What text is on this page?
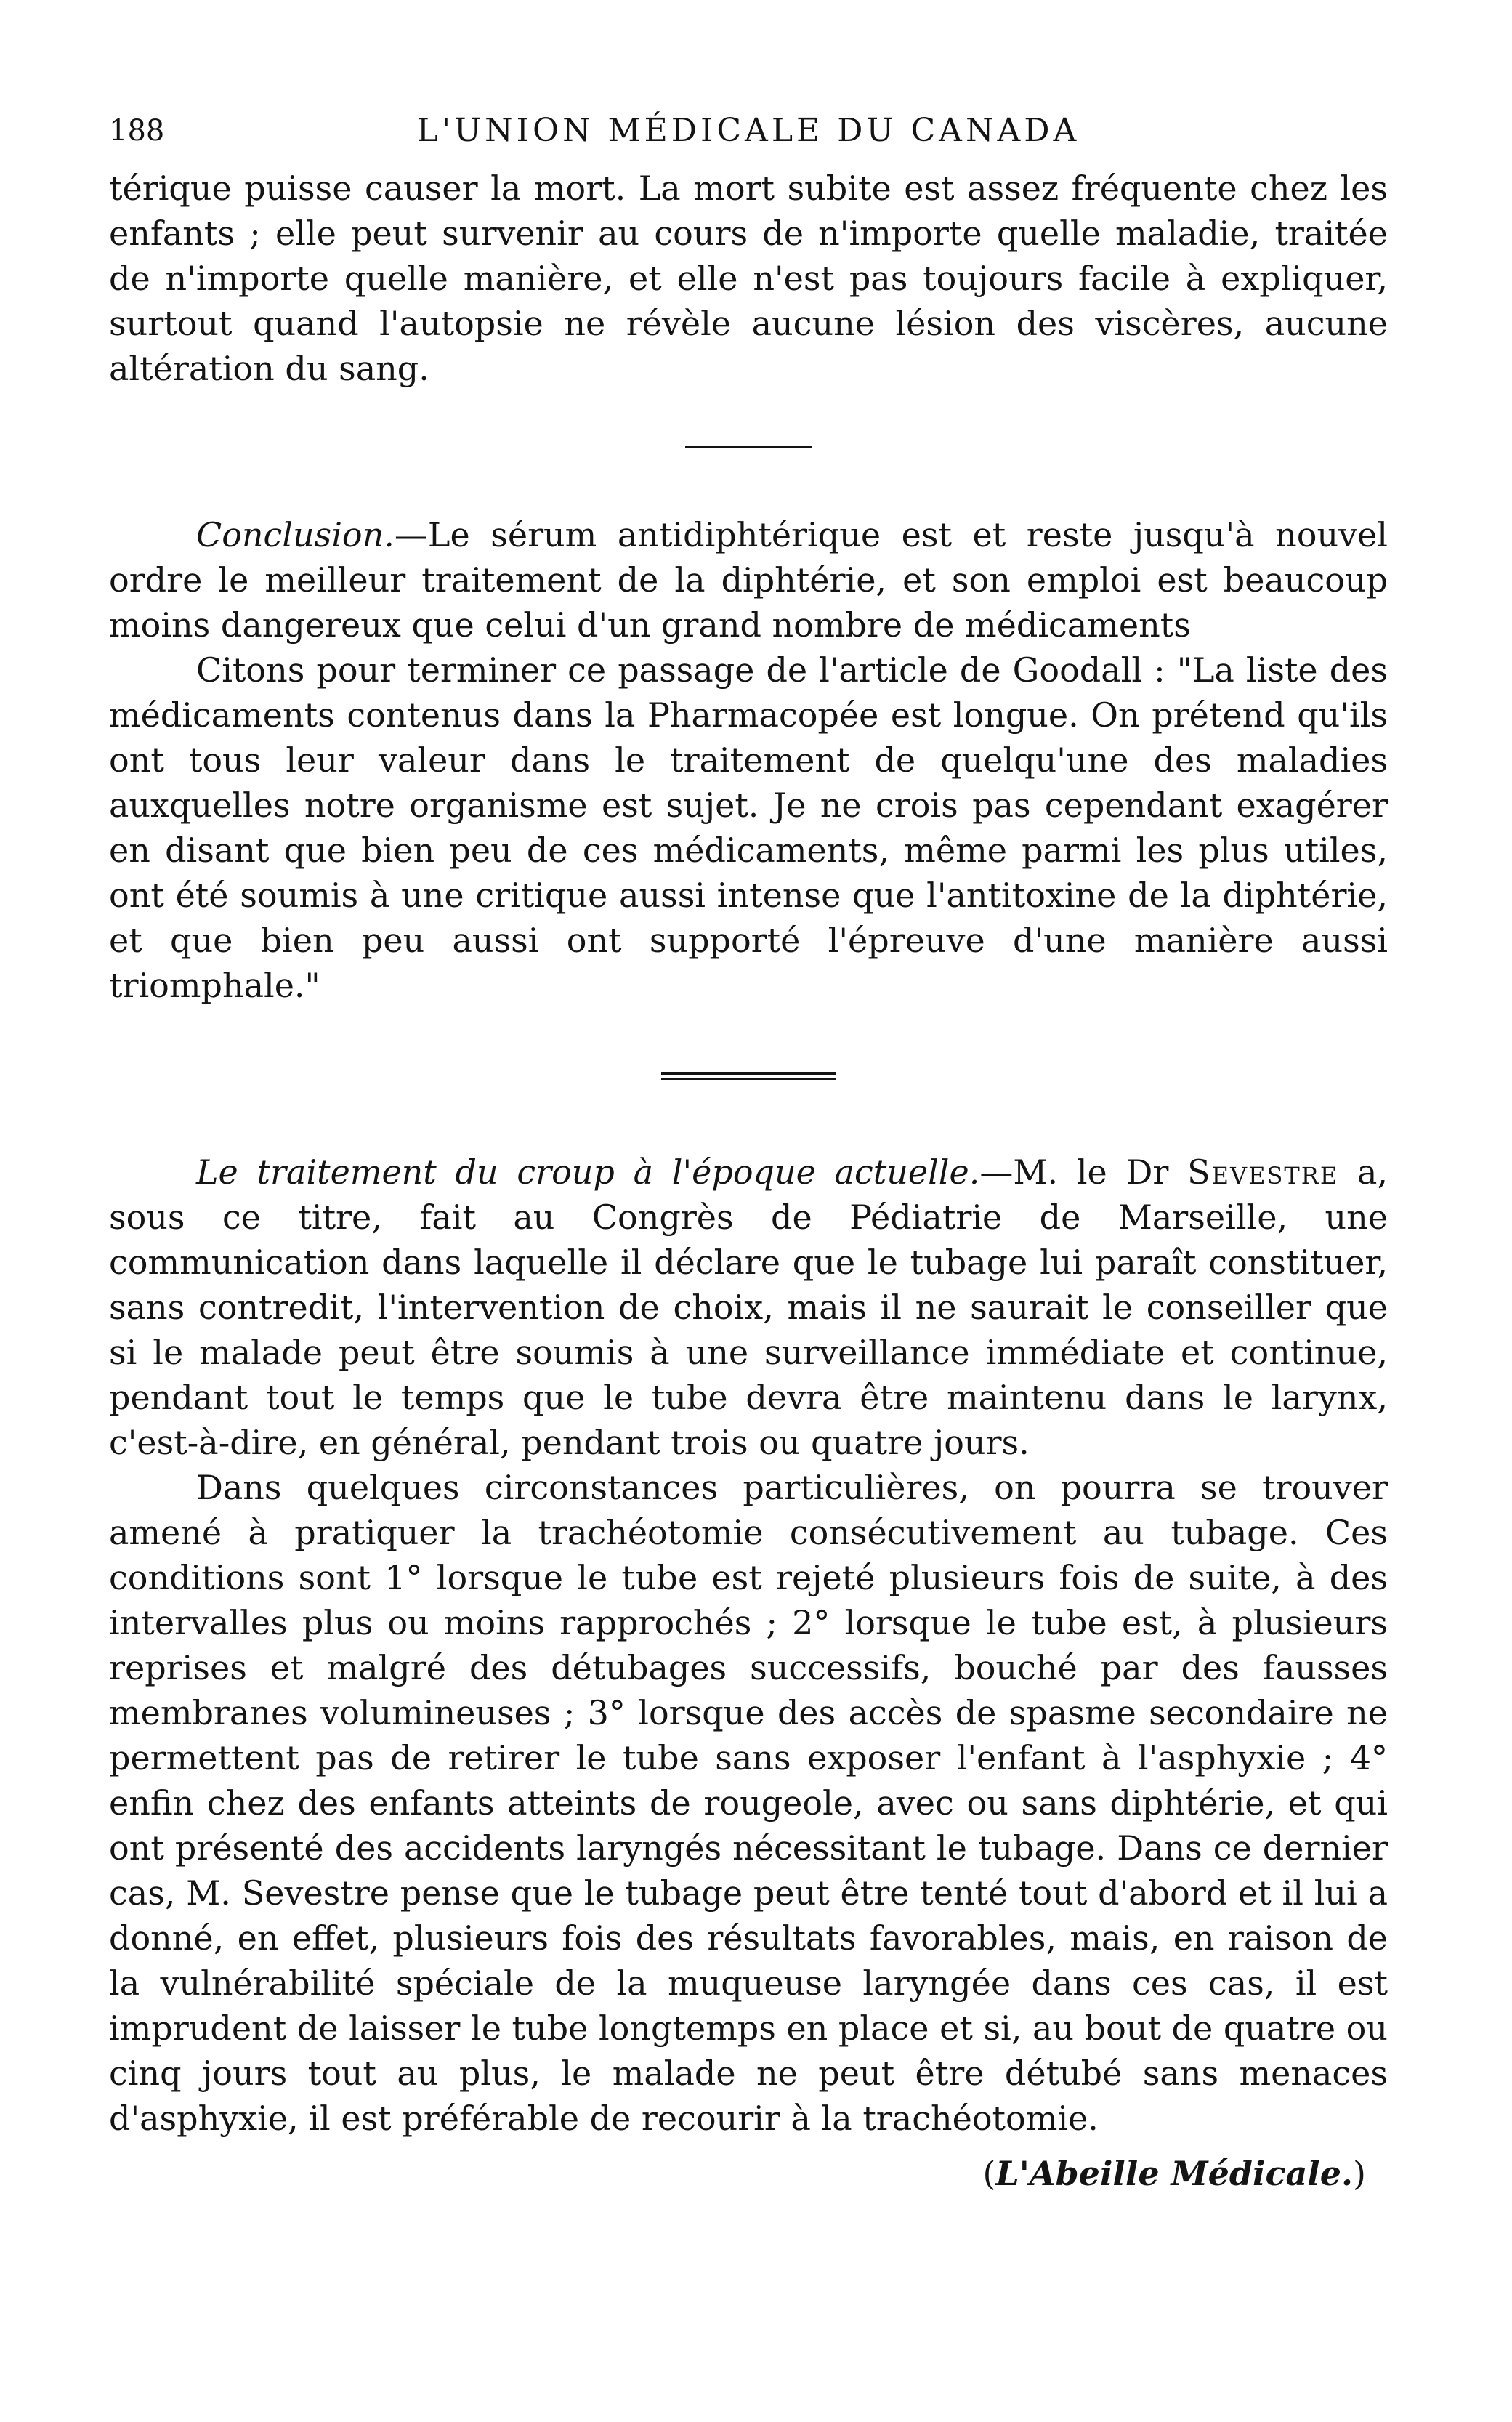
188	L'UNION MÉDICALE DU CANADA

térique puisse causer la mort. La mort subite est assez fréquente chez les enfants ; elle peut survenir au cours de n'importe quelle maladie, traitée de n'importe quelle manière, et elle n'est pas toujours facile à expliquer, surtout quand l'autopsie ne révèle aucune lésion des viscères, aucune altération du sang.

Conclusion.—Le sérum antidiphtérique est et reste jusqu'à nouvel ordre le meilleur traitement de la diphtérie, et son emploi est beaucoup moins dangereux que celui d'un grand nombre de médicaments

Citons pour terminer ce passage de l'article de Goodall : "La liste des médicaments contenus dans la Pharmacopée est longue. On prétend qu'ils ont tous leur valeur dans le traitement de quelqu'une des maladies auxquelles notre organisme est sujet. Je ne crois pas cependant exagérer en disant que bien peu de ces médicaments, même parmi les plus utiles, ont été soumis à une critique aussi intense que l'antitoxine de la diphtérie, et que bien peu aussi ont supporté l'épreuve d'une manière aussi triomphale."

Le traitement du croup à l'époque actuelle.—M. le Dr Sevestre a, sous ce titre, fait au Congrès de Pédiatrie de Marseille, une communication dans laquelle il déclare que le tubage lui paraît constituer, sans contredit, l'intervention de choix, mais il ne saurait le conseiller que si le malade peut être soumis à une surveillance immédiate et continue, pendant tout le temps que le tube devra être maintenu dans le larynx, c'est-à-dire, en général, pendant trois ou quatre jours.

Dans quelques circonstances particulières, on pourra se trouver amené à pratiquer la trachéotomie consécutivement au tubage. Ces conditions sont 1° lorsque le tube est rejeté plusieurs fois de suite, à des intervalles plus ou moins rapprochés ; 2° lorsque le tube est, à plusieurs reprises et malgré des détubages successifs, bouché par des fausses membranes volumineuses ; 3° lorsque des accès de spasme secondaire ne permettent pas de retirer le tube sans exposer l'enfant à l'asphyxie ; 4° enfin chez des enfants atteints de rougeole, avec ou sans diphtérie, et qui ont présenté des accidents laryngés nécessitant le tubage. Dans ce dernier cas, M. Sevestre pense que le tubage peut être tenté tout d'abord et il lui a donné, en effet, plusieurs fois des résultats favorables, mais, en raison de la vulnérabilité spéciale de la muqueuse laryngée dans ces cas, il est imprudent de laisser le tube longtemps en place et si, au bout de quatre ou cinq jours tout au plus, le malade ne peut être détubé sans menaces d'asphyxie, il est préférable de recourir à la trachéotomie.

(L'Abeille Médicale.)
